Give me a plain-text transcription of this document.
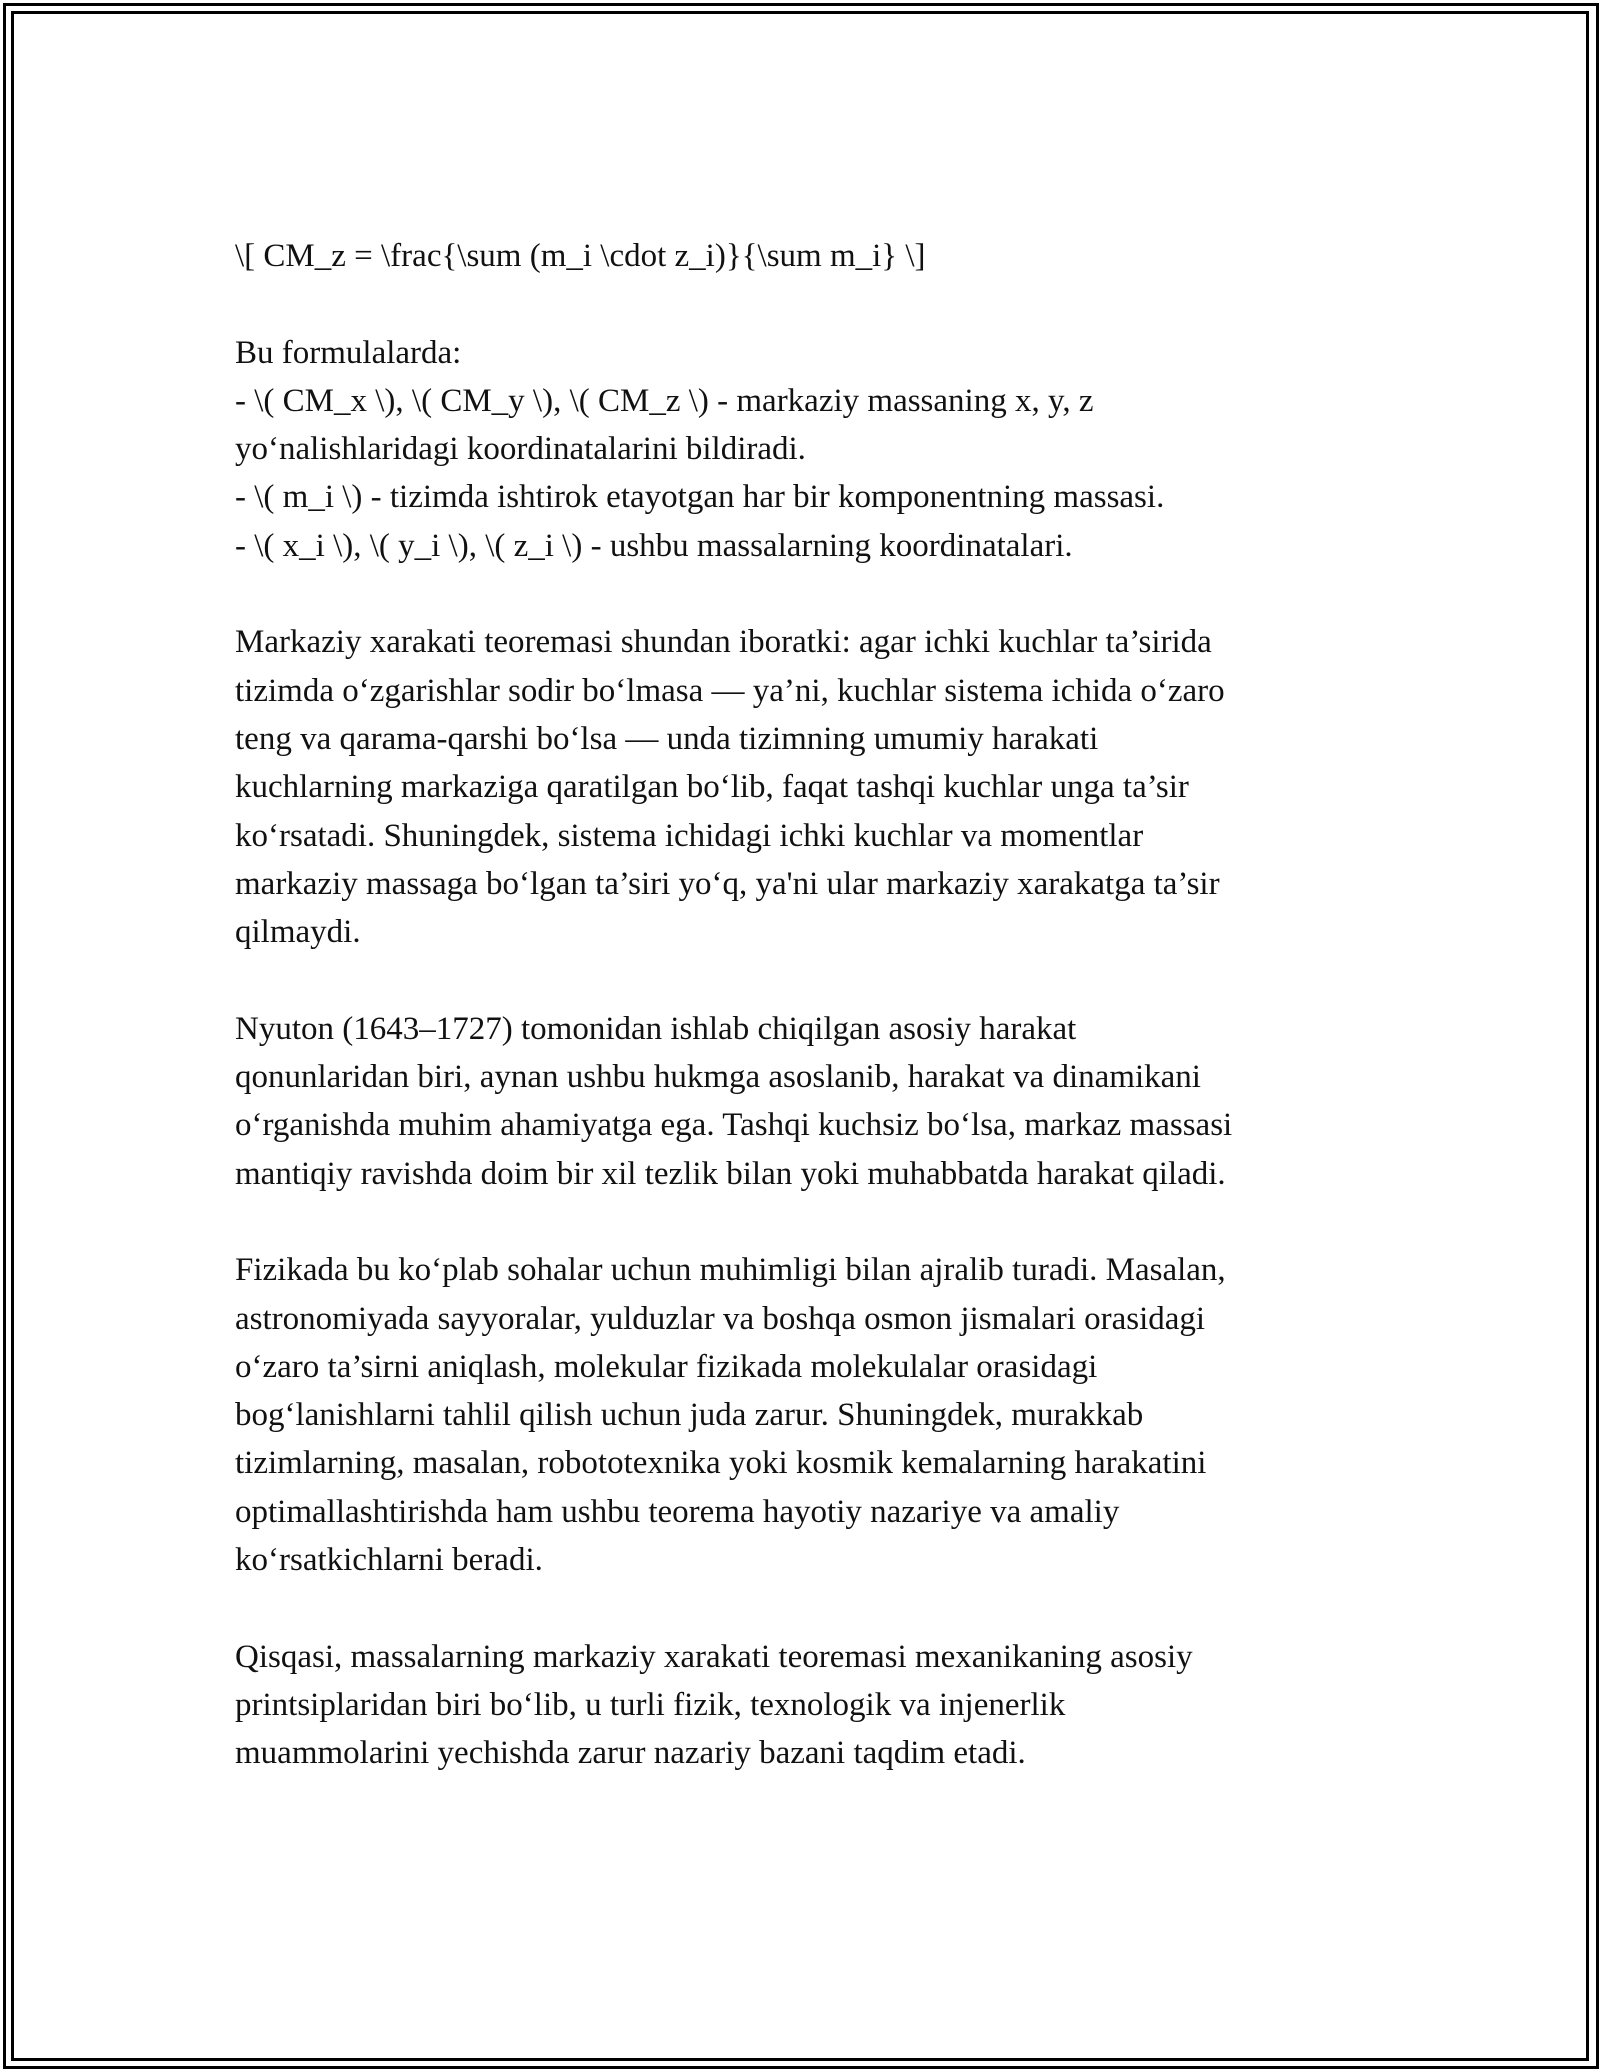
\[ CM_z = \frac{\sum (m_i \cdot z_i)}{\sum m_i} \]

Bu formulalarda:
- \( CM_x \), \( CM_y \), \( CM_z \) - markaziy massaning x, y, z
yo‘nalishlaridagi koordinatalarini bildiradi.
- \( m_i \) - tizimda ishtirok etayotgan har bir komponentning massasi.
- \( x_i \), \( y_i \), \( z_i \) - ushbu massalarning koordinatalari.

Markaziy xarakati teoremasi shundan iboratki: agar ichki kuchlar ta’sirida
tizimda o‘zgarishlar sodir bo‘lmasa — ya’ni, kuchlar sistema ichida o‘zaro
teng va qarama-qarshi bo‘lsa — unda tizimning umumiy harakati
kuchlarning markaziga qaratilgan bo‘lib, faqat tashqi kuchlar unga ta’sir
ko‘rsatadi. Shuningdek, sistema ichidagi ichki kuchlar va momentlar
markaziy massaga bo‘lgan ta’siri yo‘q, ya'ni ular markaziy xarakatga ta’sir
qilmaydi.

Nyuton (1643–1727) tomonidan ishlab chiqilgan asosiy harakat
qonunlaridan biri, aynan ushbu hukmga asoslanib, harakat va dinamikani
o‘rganishda muhim ahamiyatga ega. Tashqi kuchsiz bo‘lsa, markaz massasi
mantiqiy ravishda doim bir xil tezlik bilan yoki muhabbatda harakat qiladi.

Fizikada bu ko‘plab sohalar uchun muhimligi bilan ajralib turadi. Masalan,
astronomiyada sayyoralar, yulduzlar va boshqa osmon jismalari orasidagi
o‘zaro ta’sirni aniqlash, molekular fizikada molekulalar orasidagi
bog‘lanishlarni tahlil qilish uchun juda zarur. Shuningdek, murakkab
tizimlarning, masalan, robototexnika yoki kosmik kemalarning harakatini
optimallashtirishda ham ushbu teorema hayotiy nazariye va amaliy
ko‘rsatkichlarni beradi.

Qisqasi, massalarning markaziy xarakati teoremasi mexanikaning asosiy
printsiplaridan biri bo‘lib, u turli fizik, texnologik va injenerlik
muammolarini yechishda zarur nazariy bazani taqdim etadi.
